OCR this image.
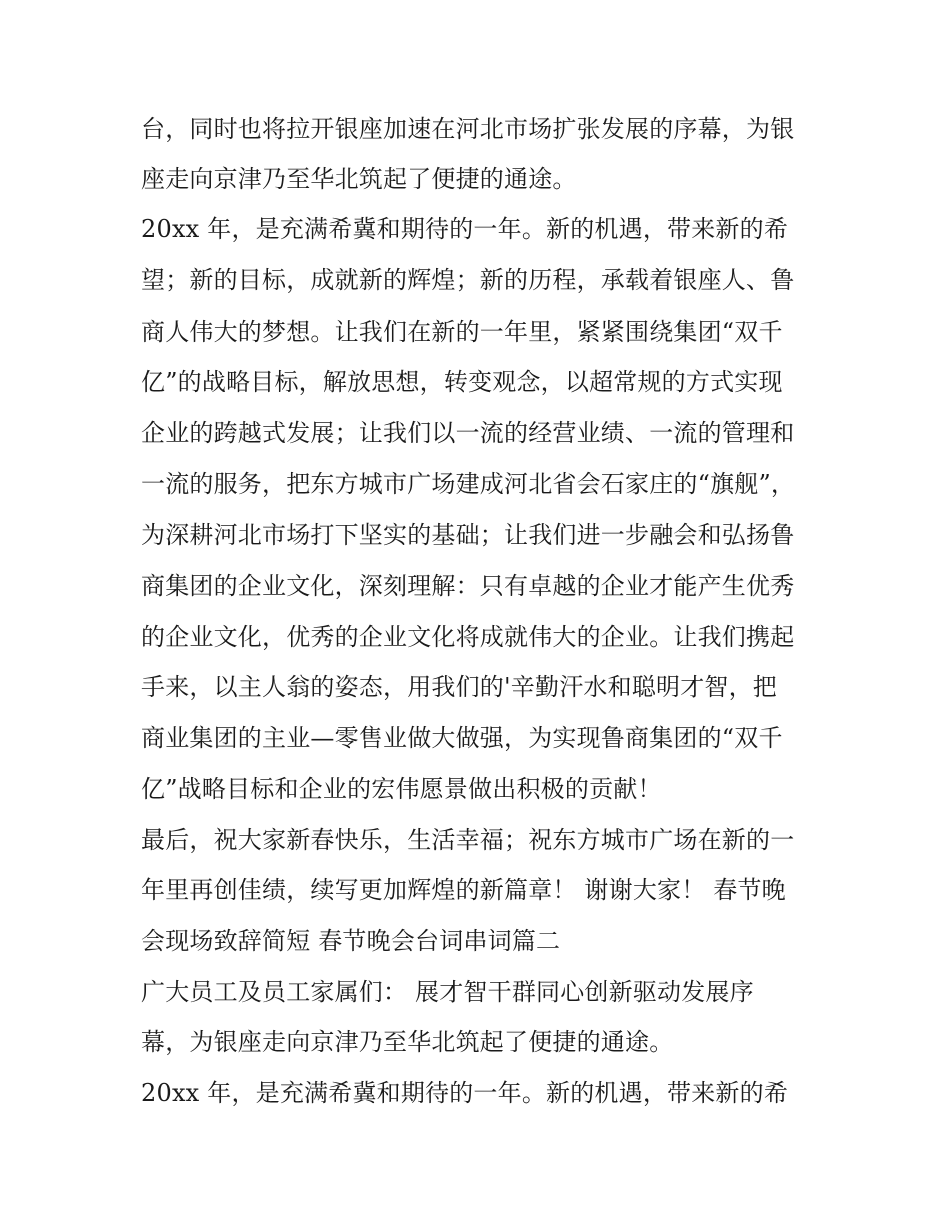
台，同时也将拉开银座加速在河北市场扩张发展的序幕，为银
座走向京津乃至华北筑起了便捷的通途。
20xx 年，是充满希冀和期待的一年。新的机遇，带来新的希
望；新的目标，成就新的辉煌；新的历程，承载着银座人、鲁
商人伟大的梦想。让我们在新的一年里，紧紧围绕集团“双千
亿”的战略目标，解放思想，转变观念，以超常规的方式实现
企业的跨越式发展；让我们以一流的经营业绩、一流的管理和
一流的服务，把东方城市广场建成河北省会石家庄的“旗舰”，
为深耕河北市场打下坚实的基础；让我们进一步融会和弘扬鲁
商集团的企业文化，深刻理解：只有卓越的企业才能产生优秀
的企业文化，优秀的企业文化将成就伟大的企业。让我们携起
手来，以主人翁的姿态，用我们的'辛勤汗水和聪明才智，把
商业集团的主业—零售业做大做强，为实现鲁商集团的“双千
亿”战略目标和企业的宏伟愿景做出积极的贡献！
最后，祝大家新春快乐，生活幸福；祝东方城市广场在新的一
年里再创佳绩，续写更加辉煌的新篇章！ 谢谢大家！ 春节晚
会现场致辞简短 春节晚会台词串词篇二
广大员工及员工家属们： 展才智干群同心创新驱动发展序
幕，为银座走向京津乃至华北筑起了便捷的通途。
20xx 年，是充满希冀和期待的一年。新的机遇，带来新的希
